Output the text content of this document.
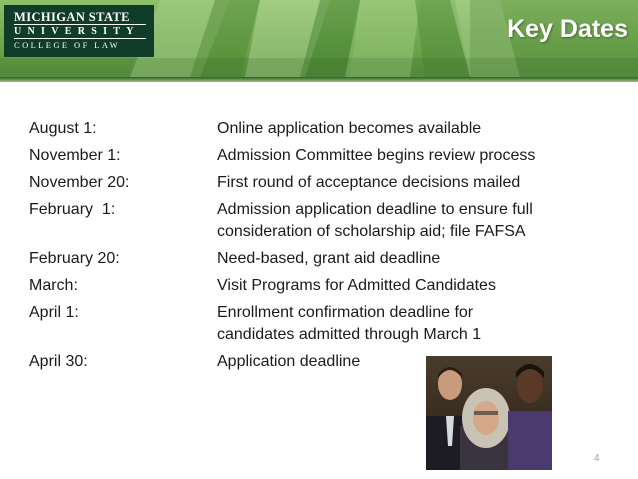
MICHIGAN STATE
UNIVERSITY
COLLEGE OF LAW
Key Dates
August 1:	Online application becomes available
November 1:	Admission Committee begins review process
November 20:	First round of acceptance decisions mailed
February  1:	Admission application deadline to ensure full
consideration of scholarship aid; file FAFSA
February 20:	Need-based, grant aid deadline
March:	Visit Programs for Admitted Candidates
April 1:	Enrollment confirmation deadline for
candidates admitted through March 1
April 30:	Application deadline
4
